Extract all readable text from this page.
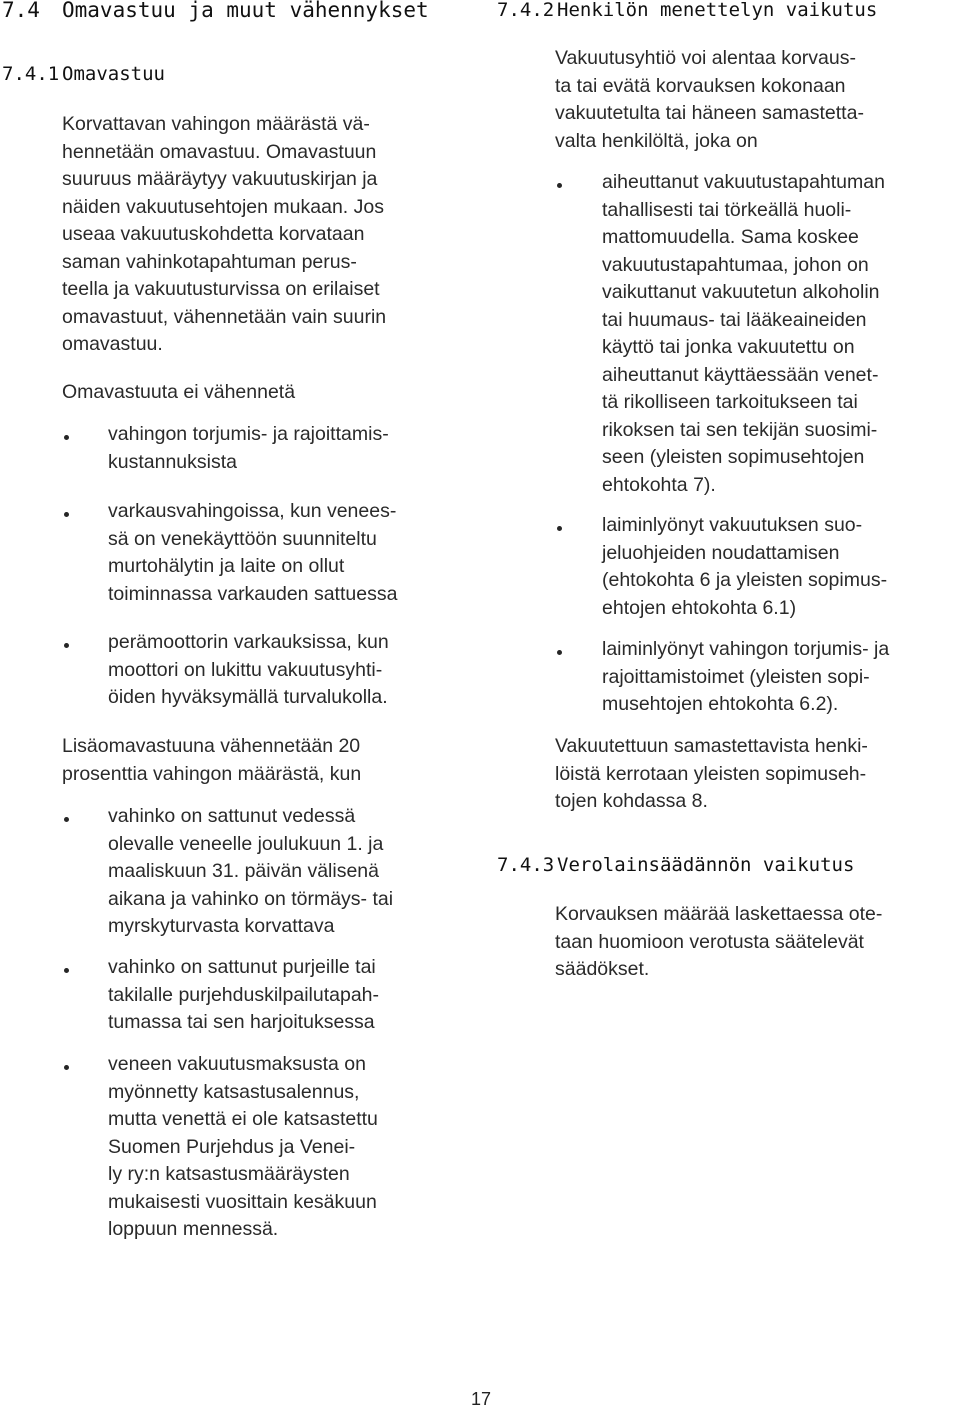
7.4 Omavastuu ja muut vähennykset
7.4.1 Omavastuu
Korvattavan vahingon määrästä vä-
hennetään omavastuu. Omavastuun
suuruus määräytyy vakuutuskirjan ja
näiden vakuutusehtojen mukaan. Jos
useaa vakuutuskohdetta korvataan
saman vahinkotapahtuman perus-
teella ja vakuutusturvissa on erilaiset
omavastuut, vähennetään vain suurin
omavastuu.
Omavastuuta ei vähennetä
vahingon torjumis- ja rajoittamis-
kustannuksista
varkausvahingoissa, kun venees-
sä on venekäyttöön suunniteltu
murtohälytin ja laite on ollut
toiminnassa varkauden sattuessa
perämoottorin varkauksissa, kun
moottori on lukittu vakuutusyhti-
öiden hyväksymällä turvalukolla.
Lisäomavastuuna vähennetään 20
prosenttia vahingon määrästä, kun
vahinko on sattunut vedessä
olevalle veneelle joulukuun 1. ja
maaliskuun 31. päivän välisenä
aikana ja vahinko on törmäys- tai
myrskyturvasta korvattava
vahinko on sattunut purjeille tai
takilalle purjehduskilpailutapah-
tumassa tai sen harjoituksessa
veneen vakuutusmaksusta on
myönnetty katsastusalennus,
mutta venettä ei ole katsastettu
Suomen Purjehdus ja Venei-
ly ry:n katsastusmääräysten
mukaisesti vuosittain kesäkuun
loppuun mennessä.
7.4.2 Henkilön menettelyn vaikutus
Vakuutusyhtiö voi alentaa korvaus-
ta tai evätä korvauksen kokonaan
vakuutetulta tai häneen samastetta-
valta henkilöltä, joka on
aiheuttanut vakuutustapahtuman
tahallisesti tai törkeällä huoli-
mattomuudella. Sama koskee
vakuutustapahtumaa, johon on
vaikuttanut vakuutetun alkoholin
tai huumaus- tai lääkeaineiden
käyttö tai jonka vakuutettu on
aiheuttanut käyttäessään venet-
tä rikolliseen tarkoitukseen tai
rikoksen tai sen tekijän suosimi-
seen (yleisten sopimusehtojen
ehtokohta 7).
laiminlyönyt vakuutuksen suo-
jeluohjeiden noudattamisen
(ehtokohta 6 ja yleisten sopimus-
ehtojen ehtokohta 6.1)
laiminlyönyt vahingon torjumis- ja
rajoittamistoimet (yleisten sopi-
musehtojen ehtokohta 6.2).
Vakuutettuun samastettavista henki-
löistä kerrotaan yleisten sopimuseh-
tojen kohdassa 8.
7.4.3 Verolainsäädännön vaikutus
Korvauksen määrää laskettaessa ote-
taan huomioon verotusta säätelevät
säädökset.
17
